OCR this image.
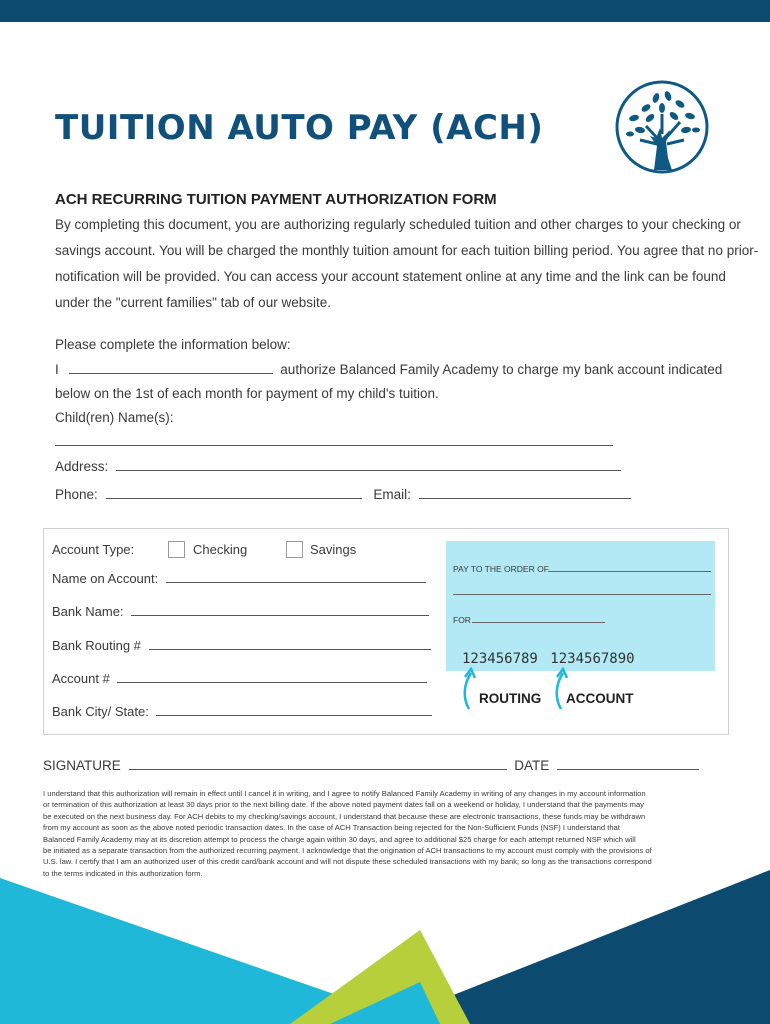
TUITION AUTO PAY (ACH)
ACH RECURRING TUITION PAYMENT AUTHORIZATION FORM
By completing this document, you are authorizing regularly scheduled tuition and other charges to your checking or
savings account. You will be charged the monthly tuition amount for each tuition billing period. You agree that no prior-
notification will be provided. You can access your account statement online at any time and the link can be found
under the "current families" tab of our website.
Please complete the information below:
I	authorize Balanced Family Academy to charge my bank account indicated
below on the 1st of each month for payment of my child's tuition.
Child(ren) Name(s):
Address:
Phone:	Email:
Account Type:	Checking	Savings
Name on Account:
Bank Name:
Bank Routing #
Account #
Bank City/ State:
PAY TO THE ORDER OF
FOR
123456789 1234567890
ROUTING ACCOUNT
SIGNATURE	DATE
I understand that this authorization will remain in effect until I cancel it in writing, and I agree to notify Balanced Family Academy in writing of any changes in my account information
or termination of this authorization at least 30 days prior to the next billing date. If the above noted payment dates fall on a weekend or holiday, I understand that the payments may
be executed on the next business day. For ACH debits to my checking/savings account, I understand that because these are electronic transactions, these funds may be withdrawn
from my account as soon as the above noted periodic transaction dates. In the case of ACH Transaction being rejected for the Non-Sufficient Funds (NSF) I understand that
Balanced Family Academy may at its discretion attempt to process the charge again within 30 days, and agree to additional $25 charge for each attempt returned NSF which will
be initiated as a separate transaction from the authorized recurring payment. I acknowledge that the origination of ACH transactions to my account must comply with the provisions of
U.S. law. I certify that I am an authorized user of this credit card/bank account and will not dispute these scheduled transactions with my bank; so long as the transactions correspond
to the terms indicated in this authorization form.
